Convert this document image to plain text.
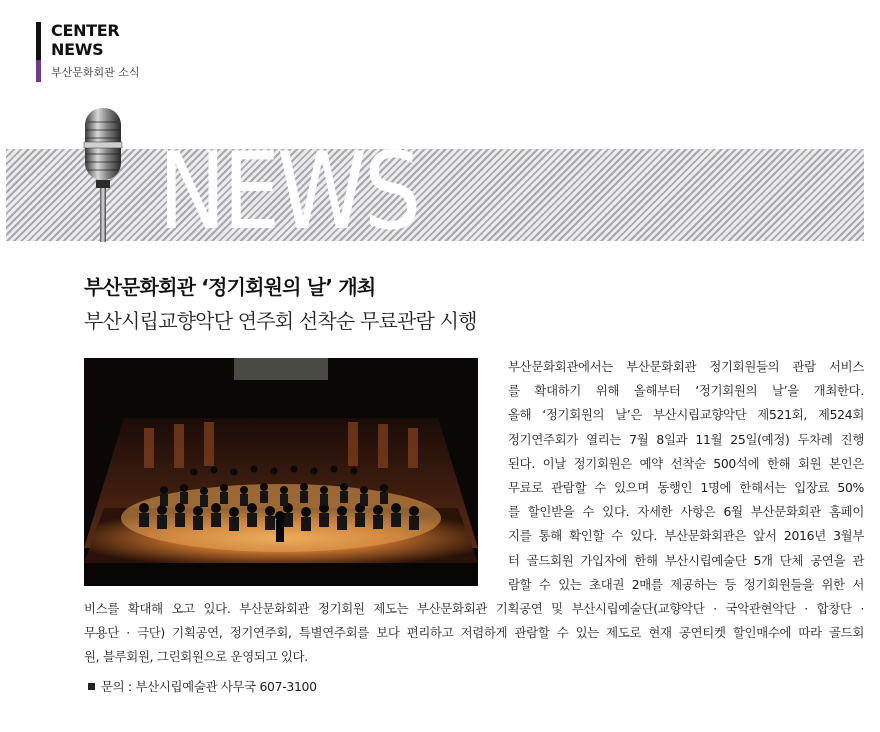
CENTER
NEWS
부산문화회관 소식
NEWS
부산문화회관 ‘정기회원의 날’ 개최
부산시립교향악단 연주회 선착순 무료관람 시행
부산문화회관에서는 부산문화회관 정기회원들의 관람 서비스
를 확대하기 위해 올해부터 ‘정기회원의 날’을 개최한다.
올해 ‘정기회원의 날’은 부산시립교향악단 제521회, 제524회
정기연주회가 열리는 7월 8일과 11월 25일(예정) 두차례 진행
된다. 이날 정기회원은 예약 선착순 500석에 한해 회원 본인은
무료로 관람할 수 있으며 동행인 1명에 한해서는 입장료 50%
를 할인받을 수 있다. 자세한 사항은 6월 부산문화회관 홈페이
지를 통해 확인할 수 있다. 부산문화회관은 앞서 2016년 3월부
터 골드회원 가입자에 한해 부산시립예술단 5개 단체 공연을 관
람할 수 있는 초대권 2매를 제공하는 등 정기회원들을 위한 서
비스를 확대해 오고 있다. 부산문화회관 정기회원 제도는 부산문화회관 기획공연 및 부산시립예술단(교향악단 · 국악관현악단 · 합창단 ·
무용단 · 극단) 기획공연, 정기연주회, 특별연주회를 보다 편리하고 저렴하게 관람할 수 있는 제도로 현재 공연티켓 할인매수에 따라 골드회
원, 블루회원, 그린회원으로 운영되고 있다.
문의 : 부산시립예술관 사무국 607-3100
